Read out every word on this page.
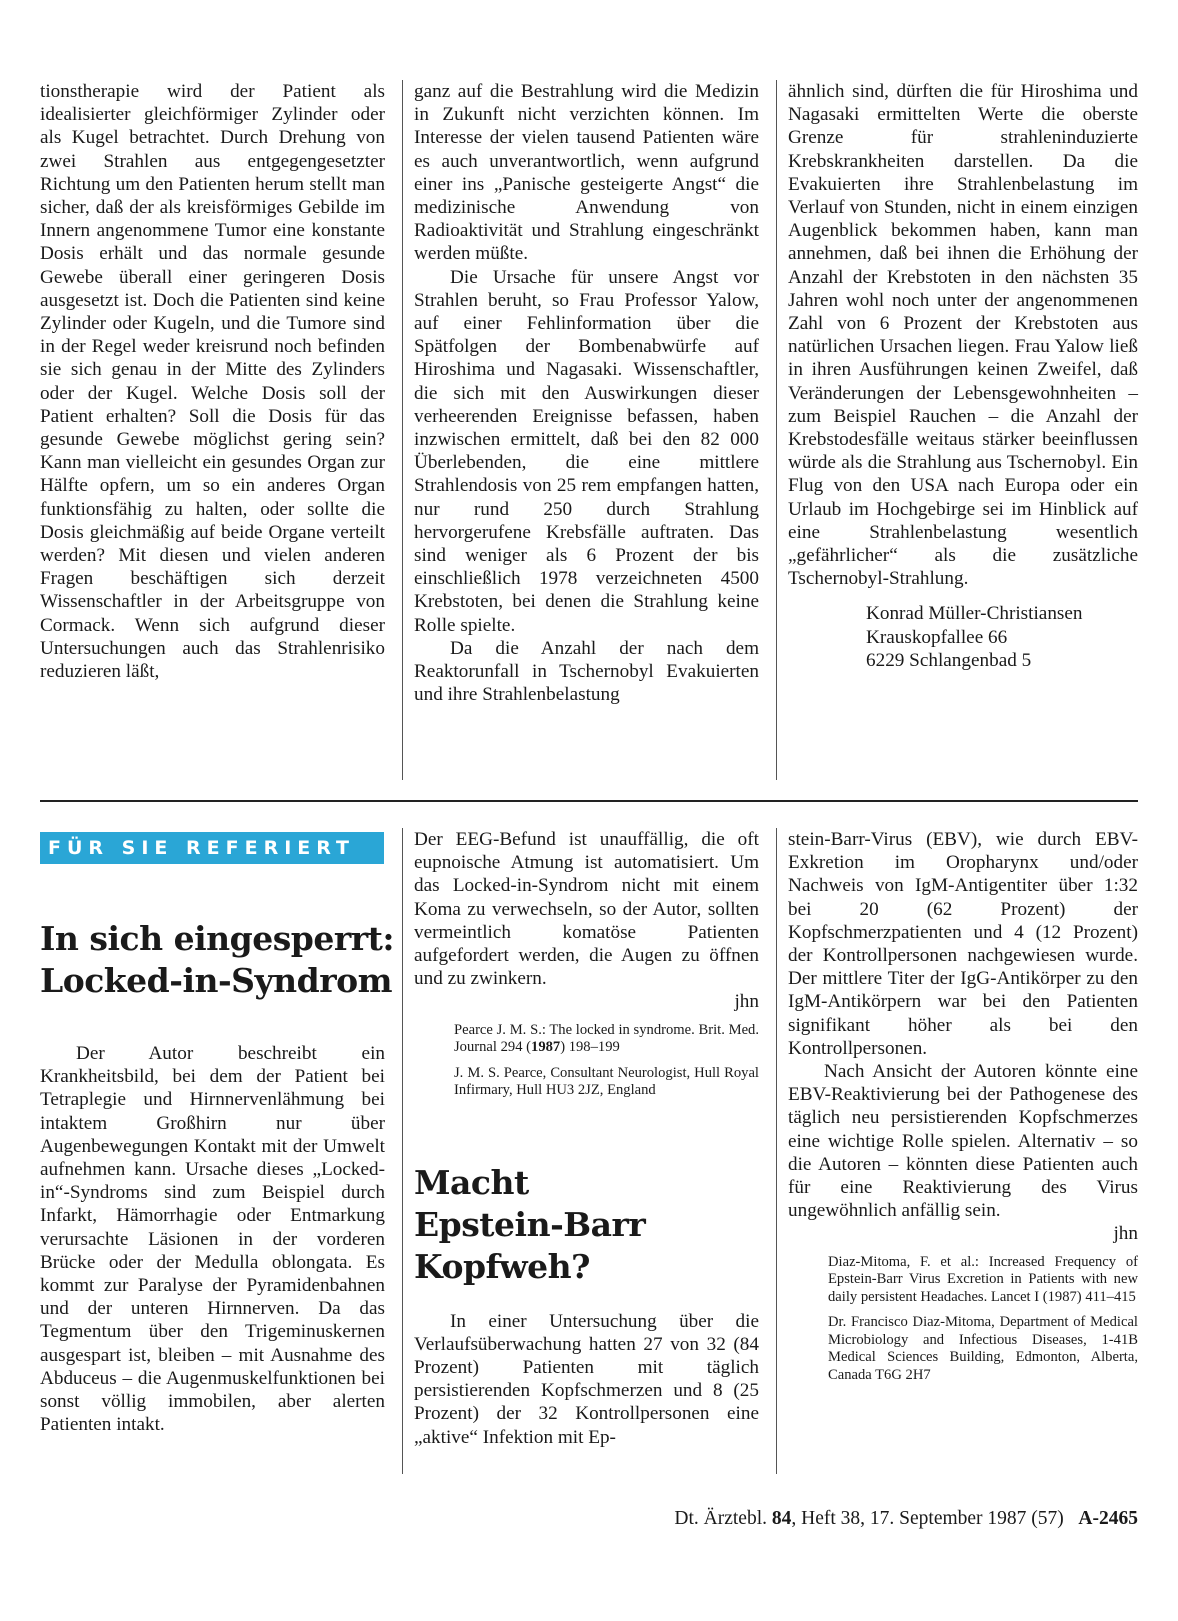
tionstherapie wird der Patient als idealisierter gleichförmiger Zylinder oder als Kugel betrachtet. Durch Drehung von zwei Strahlen aus entgegengesetzter Richtung um den Patienten herum stellt man sicher, daß der als kreisförmiges Gebilde im Innern angenommene Tumor eine konstante Dosis erhält und das normale gesunde Gewebe überall einer geringeren Dosis ausgesetzt ist. Doch die Patienten sind keine Zylinder oder Kugeln, und die Tumore sind in der Regel weder kreisrund noch befinden sie sich genau in der Mitte des Zylinders oder der Kugel. Welche Dosis soll der Patient erhalten? Soll die Dosis für das gesunde Gewebe möglichst gering sein? Kann man vielleicht ein gesundes Organ zur Hälfte opfern, um so ein anderes Organ funktionsfähig zu halten, oder sollte die Dosis gleichmäßig auf beide Organe verteilt werden? Mit diesen und vielen anderen Fragen beschäftigen sich derzeit Wissenschaftler in der Arbeitsgruppe von Cormack. Wenn sich aufgrund dieser Untersuchungen auch das Strahlenrisiko reduzieren läßt,

ganz auf die Bestrahlung wird die Medizin in Zukunft nicht verzichten können. Im Interesse der vielen tausend Patienten wäre es auch unverantwortlich, wenn aufgrund einer ins „Panische gesteigerte Angst“ die medizinische Anwendung von Radioaktivität und Strahlung eingeschränkt werden müßte.

Die Ursache für unsere Angst vor Strahlen beruht, so Frau Professor Yalow, auf einer Fehlinformation über die Spätfolgen der Bombenabwürfe auf Hiroshima und Nagasaki. Wissenschaftler, die sich mit den Auswirkungen dieser verheerenden Ereignisse befassen, haben inzwischen ermittelt, daß bei den 82 000 Überlebenden, die eine mittlere Strahlendosis von 25 rem empfangen hatten, nur rund 250 durch Strahlung hervorgerufene Krebsfälle auftraten. Das sind weniger als 6 Prozent der bis einschließlich 1978 verzeichneten 4500 Krebstoten, bei denen die Strahlung keine Rolle spielte.

Da die Anzahl der nach dem Reaktorunfall in Tschernobyl Evakuierten und ihre Strahlenbelastung

ähnlich sind, dürften die für Hiroshima und Nagasaki ermittelten Werte die oberste Grenze für strahleninduzierte Krebskrankheiten darstellen. Da die Evakuierten ihre Strahlenbelastung im Verlauf von Stunden, nicht in einem einzigen Augenblick bekommen haben, kann man annehmen, daß bei ihnen die Erhöhung der Anzahl der Krebstoten in den nächsten 35 Jahren wohl noch unter der angenommenen Zahl von 6 Prozent der Krebstoten aus natürlichen Ursachen liegen. Frau Yalow ließ in ihren Ausführungen keinen Zweifel, daß Veränderungen der Lebensgewohnheiten – zum Beispiel Rauchen – die Anzahl der Krebstodesfälle weitaus stärker beeinflussen würde als die Strahlung aus Tschernobyl. Ein Flug von den USA nach Europa oder ein Urlaub im Hochgebirge sei im Hinblick auf eine Strahlenbelastung wesentlich „gefährlicher“ als die zusätzliche Tschernobyl-Strahlung.

Konrad Müller-Christiansen

Krauskopfallee 66

6229 Schlangenbad 5

FÜR SIE REFERIERT

In sich eingesperrt:

Locked-in-Syndrom

Der Autor beschreibt ein Krankheitsbild, bei dem der Patient bei Tetraplegie und Hirnnervenlähmung bei intaktem Großhirn nur über Augenbewegungen Kontakt mit der Umwelt aufnehmen kann. Ursache dieses „Locked-in“-Syndroms sind zum Beispiel durch Infarkt, Hämorrhagie oder Entmarkung verursachte Läsionen in der vorderen Brücke oder der Medulla oblongata. Es kommt zur Paralyse der Pyramidenbahnen und der unteren Hirnnerven. Da das Tegmentum über den Trigeminuskernen ausgespart ist, bleiben – mit Ausnahme des Abduceus – die Augenmuskelfunktionen bei sonst völlig immobilen, aber alerten Patienten intakt.

Der EEG-Befund ist unauffällig, die oft eupnoische Atmung ist automatisiert. Um das Locked-in-Syndrom nicht mit einem Koma zu verwechseln, so der Autor, sollten vermeintlich komatöse Patienten aufgefordert werden, die Augen zu öffnen und zu zwinkern.

jhn

Pearce J. M. S.: The locked in syndrome. Brit. Med. Journal 294 (1987) 198–199

J. M. S. Pearce, Consultant Neurologist, Hull Royal Infirmary, Hull HU3 2JZ, England

Macht

Epstein-Barr

Kopfweh?

In einer Untersuchung über die Verlaufsüberwachung hatten 27 von 32 (84 Prozent) Patienten mit täglich persistierenden Kopfschmerzen und 8 (25 Prozent) der 32 Kontrollpersonen eine „aktive“ Infektion mit Ep-

stein-Barr-Virus (EBV), wie durch EBV-Exkretion im Oropharynx und/oder Nachweis von IgM-Antigentiter über 1:32 bei 20 (62 Prozent) der Kopfschmerzpatienten und 4 (12 Prozent) der Kontrollpersonen nachgewiesen wurde. Der mittlere Titer der IgG-Antikörper zu den IgM-Antikörpern war bei den Patienten signifikant höher als bei den Kontrollpersonen.

Nach Ansicht der Autoren könnte eine EBV-Reaktivierung bei der Pathogenese des täglich neu persistierenden Kopfschmerzes eine wichtige Rolle spielen. Alternativ – so die Autoren – könnten diese Patienten auch für eine Reaktivierung des Virus ungewöhnlich anfällig sein.

jhn

Diaz-Mitoma, F. et al.: Increased Frequency of Epstein-Barr Virus Excretion in Patients with new daily persistent Headaches. Lancet I (1987) 411–415

Dr. Francisco Diaz-Mitoma, Department of Medical Microbiology and Infectious Diseases, 1-41B Medical Sciences Building, Edmonton, Alberta, Canada T6G 2H7

Dt. Ärztebl. 84, Heft 38, 17. September 1987 (57) A-2465
